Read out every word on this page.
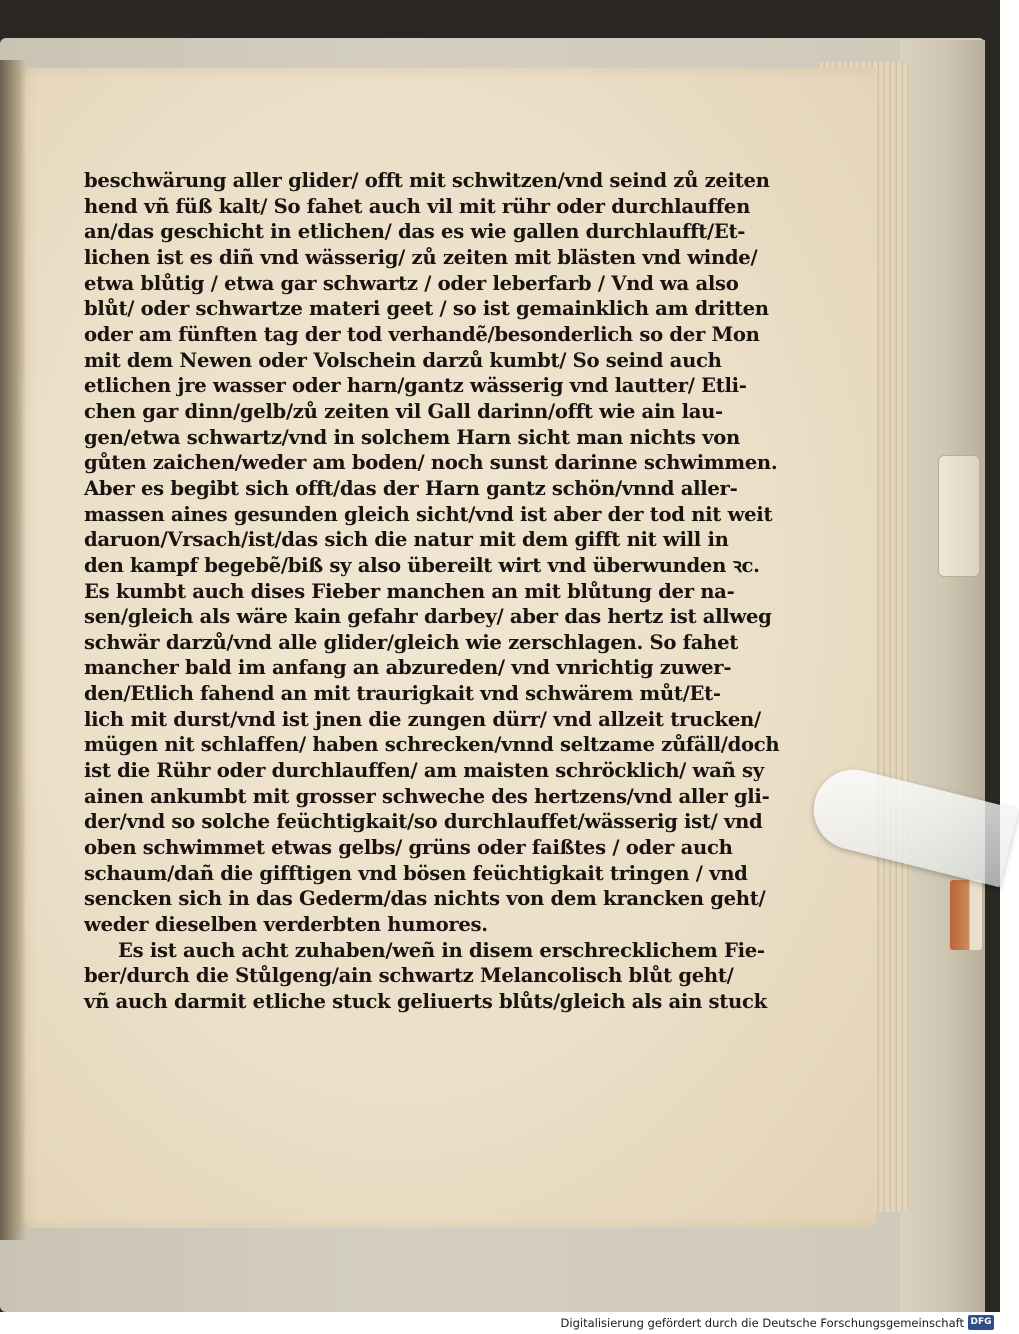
beschwärung aller glider/ offt mit schwitzen/vnd seind zů zeiten
hend vñ füß kalt/ So fahet auch vil mit rühr oder durchlauffen
an/das geschicht in etlichen/ das es wie gallen durchlaufft/Et-
lichen ist es diñ vnd wässerig/ zů zeiten mit blästen vnd winde/
etwa blůtig / etwa gar schwartz / oder leberfarb / Vnd wa also
blůt/ oder schwartze materi geet / so ist gemainklich am dritten
oder am fünften tag der tod verhandẽ/besonderlich so der Mon
mit dem Newen oder Volschein darzů kumbt/ So seind auch
etlichen jre wasser oder harn/gantz wässerig vnd lautter/ Etli-
chen gar dinn/gelb/zů zeiten vil Gall darinn/offt wie ain lau-
gen/etwa schwartz/vnd in solchem Harn sicht man nichts von
gůten zaichen/weder am boden/ noch sunst darinne schwimmen.
Aber es begibt sich offt/das der Harn gantz schön/vnnd aller-
massen aines gesunden gleich sicht/vnd ist aber der tod nit weit
daruon/Vrsach/ist/das sich die natur mit dem gifft nit will in
den kampf begebẽ/biß sy also übereilt wirt vnd überwunden ꝛc.
Es kumbt auch dises Fieber manchen an mit blůtung der na-
sen/gleich als wäre kain gefahr darbey/ aber das hertz ist allweg
schwär darzů/vnd alle glider/gleich wie zerschlagen. So fahet
mancher bald im anfang an abzureden/ vnd vnrichtig zuwer-
den/Etlich fahend an mit traurigkait vnd schwärem můt/Et-
lich mit durst/vnd ist jnen die zungen dürr/ vnd allzeit trucken/
mügen nit schlaffen/ haben schrecken/vnnd seltzame zůfäll/doch
ist die Rühr oder durchlauffen/ am maisten schröcklich/ wañ sy
ainen ankumbt mit grosser schweche des hertzens/vnd aller gli-
der/vnd so solche feüchtigkait/so durchlauffet/wässerig ist/ vnd
oben schwimmet etwas gelbs/ grüns oder faißtes / oder auch
schaum/dañ die gifftigen vnd bösen feüchtigkait tringen / vnd
sencken sich in das Gederm/das nichts von dem krancken geht/
weder dieselben verderbten humores.
Es ist auch acht zuhaben/weñ in disem erschrecklichem Fie-
ber/durch die Stůlgeng/ain schwartz Melancolisch blůt geht/
vñ auch darmit etliche stuck geliuerts blůts/gleich als ain stuck
Digitalisierung gefördert durch die Deutsche Forschungsgemeinschaft DFG
